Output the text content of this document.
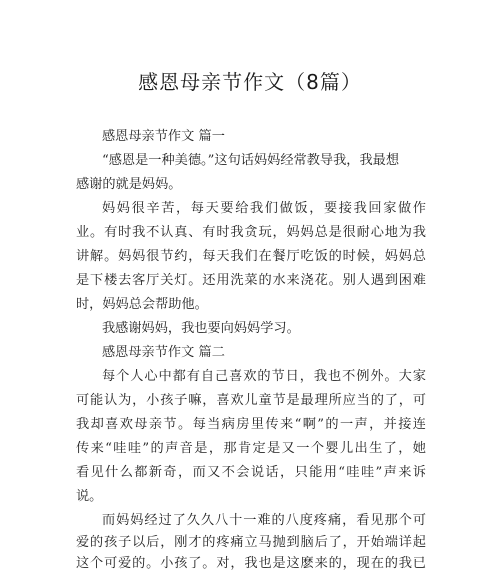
感恩母亲节作文（8篇）
感恩母亲节作文 篇一
“感恩是一种美德。”这句话妈妈经常教导我，我最想
感谢的就是妈妈。
妈妈很辛苦，每天要给我们做饭，要接我回家做作
业。有时我不认真、有时我贪玩，妈妈总是很耐心地为我
讲解。妈妈很节约，每天我们在餐厅吃饭的时候，妈妈总
是下楼去客厅关灯。还用洗菜的水来浇花。别人遇到困难
时，妈妈总会帮助他。
我感谢妈妈，我也要向妈妈学习。
感恩母亲节作文 篇二
每个人心中都有自己喜欢的节日，我也不例外。大家
可能认为，小孩子嘛，喜欢儿童节是最理所应当的了，可
我却喜欢母亲节。每当病房里传来“啊”的一声，并接连
传来“哇哇”的声音是，那肯定是又一个婴儿出生了，她
看见什么都新奇，而又不会说话，只能用“哇哇”声来诉
说。
而妈妈经过了久久八十一难的八度疼痛，看见那个可
爱的孩子以后，刚才的疼痛立马抛到脑后了，开始端详起
这个可爱的。小孩了。对，我也是这麽来的，现在的我已
